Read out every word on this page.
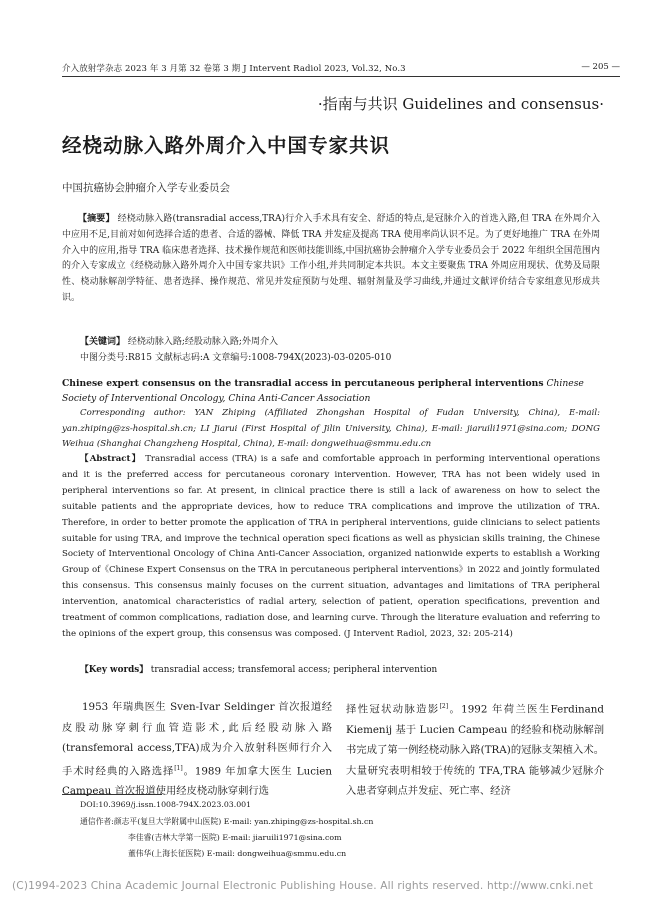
介入放射学杂志 2023 年 3 月第 32 卷第 3 期 J Intervent Radiol 2023, Vol.32, No.3	— 205 —
·指南与共识 Guidelines and consensus·
经桡动脉入路外周介入中国专家共识
中国抗癌协会肿瘤介入学专业委员会
【摘要】 经桡动脉入路(transradial access,TRA)行介入手术具有安全、舒适的特点,是冠脉介入的首选入路,但 TRA 在外周介入中应用不足,目前对如何选择合适的患者、合适的器械、降低 TRA 并发症及提高 TRA 使用率尚认识不足。为了更好地推广 TRA 在外周介入中的应用,指导 TRA 临床患者选择、技术操作规范和医师技能训练,中国抗癌协会肿瘤介入学专业委员会于 2022 年组织全国范围内的介入专家成立《经桡动脉入路外周介入中国专家共识》工作小组,并共同制定本共识。本文主要聚焦 TRA 外周应用现状、优势及局限性、桡动脉解剖学特征、患者选择、操作规范、常见并发症预防与处理、辐射剂量及学习曲线,并通过文献评价结合专家组意见形成共识。
【关键词】 经桡动脉入路;经股动脉入路;外周介入
中图分类号:R815 文献标志码:A 文章编号:1008-794X(2023)-03-0205-010
Chinese expert consensus on the transradial access in percutaneous peripheral interventions Chinese Society of Interventional Oncology, China Anti-Cancer Association
Corresponding author: YAN Zhiping (Affiliated Zhongshan Hospital of Fudan University, China), E-mail: yan.zhiping@zs-hospital.sh.cn; LI Jiarui (First Hospital of Jilin University, China), E-mail: jiaruili1971@sina.com; DONG Weihua (Shanghai Changzheng Hospital, China), E-mail: dongweihua@smmu.edu.cn
【Abstract】 Transradial access (TRA) is a safe and comfortable approach in performing interventional operations and it is the preferred access for percutaneous coronary intervention. However, TRA has not been widely used in peripheral interventions so far. At present, in clinical practice there is still a lack of awareness on how to select the suitable patients and the appropriate devices, how to reduce TRA complications and improve the utilization of TRA. Therefore, in order to better promote the application of TRA in peripheral interventions, guide clinicians to select patients suitable for using TRA, and improve the technical operation speci fications as well as physician skills training, the Chinese Society of Interventional Oncology of China Anti-Cancer Association, organized nationwide experts to establish a Working Group of《Chinese Expert Consensus on the TRA in percutaneous peripheral interventions》in 2022 and jointly formulated this consensus. This consensus mainly focuses on the current situation, advantages and limitations of TRA peripheral intervention, anatomical characteristics of radial artery, selection of patient, operation specifications, prevention and treatment of common complications, radiation dose, and learning curve. Through the literature evaluation and referring to the opinions of the expert group, this consensus was composed. (J Intervent Radiol, 2023, 32: 205-214)
【Key words】 transradial access; transfemoral access; peripheral intervention
1953 年瑞典医生 Sven-Ivar Seldinger 首次报道经皮股动脉穿刺行血管造影术,此后经股动脉入路(transfemoral access,TFA)成为介入放射科医师行介入手术时经典的入路选择[1]。1989 年加拿大医生 Lucien Campeau 首次报道使用经皮桡动脉穿刺行选
择性冠状动脉造影[2]。1992 年荷兰医生Ferdinand Kiemenij 基于 Lucien Campeau 的经验和桡动脉解剖书完成了第一例经桡动脉入路(TRA)的冠脉支架植入术。大量研究表明相较于传统的 TFA,TRA 能够减少冠脉介入患者穿刺点并发症、死亡率、经济
DOI:10.3969/j.issn.1008-794X.2023.03.001
通信作者:颜志平(复旦大学附属中山医院) E-mail: yan.zhiping@zs-hospital.sh.cn
李佳睿(吉林大学第一医院) E-mail: jiaruili1971@sina.com
董伟华(上海长征医院) E-mail: dongweihua@smmu.edu.cn
(C)1994-2023 China Academic Journal Electronic Publishing House. All rights reserved. http://www.cnki.net
